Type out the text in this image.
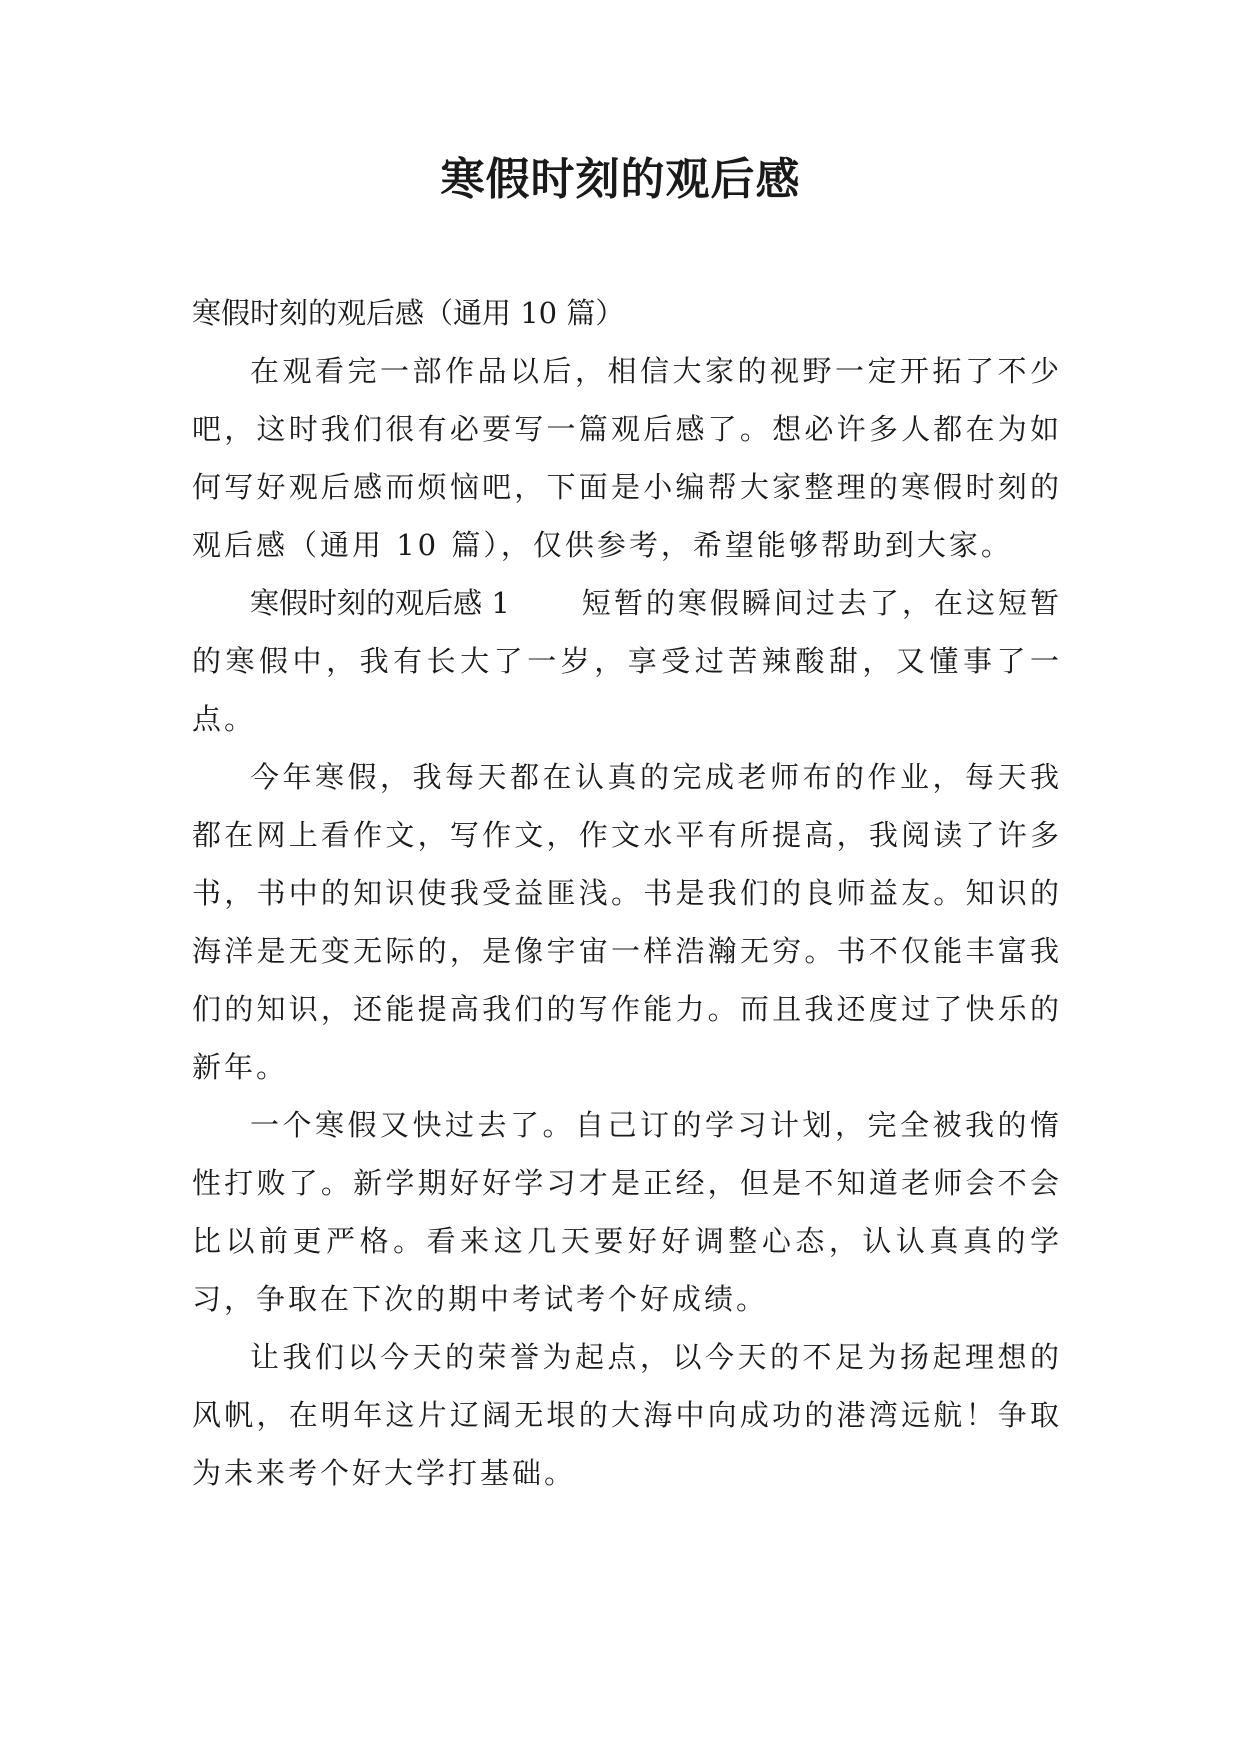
寒假时刻的观后感

寒假时刻的观后感（通用 10 篇）

在观看完一部作品以后，相信大家的视野一定开拓了不少吧，这时我们很有必要写一篇观后感了。想必许多人都在为如何写好观后感而烦恼吧，下面是小编帮大家整理的寒假时刻的观后感（通用 10 篇），仅供参考，希望能够帮助到大家。

寒假时刻的观后感 1 短暂的寒假瞬间过去了，在这短暂的寒假中，我有长大了一岁，享受过苦辣酸甜，又懂事了一点。

今年寒假，我每天都在认真的完成老师布的作业，每天我都在网上看作文，写作文，作文水平有所提高，我阅读了许多书，书中的知识使我受益匪浅。书是我们的良师益友。知识的海洋是无变无际的，是像宇宙一样浩瀚无穷。书不仅能丰富我们的知识，还能提高我们的写作能力。而且我还度过了快乐的新年。

一个寒假又快过去了。自己订的学习计划，完全被我的惰性打败了。新学期好好学习才是正经，但是不知道老师会不会比以前更严格。看来这几天要好好调整心态，认认真真的学习，争取在下次的期中考试考个好成绩。

让我们以今天的荣誉为起点，以今天的不足为扬起理想的风帆，在明年这片辽阔无垠的大海中向成功的港湾远航！争取为未来考个好大学打基础。
